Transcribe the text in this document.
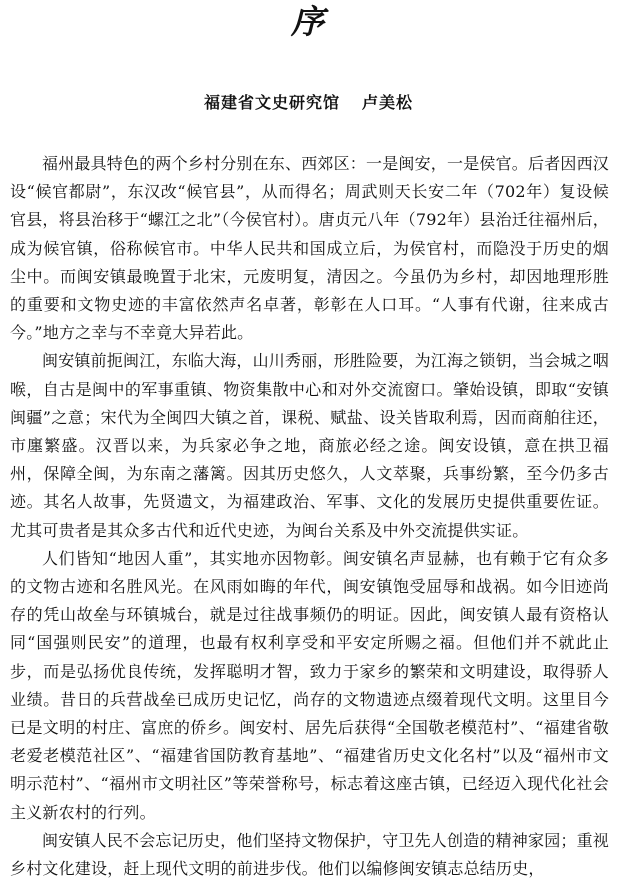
序
福建省文史研究馆 卢美松

福州最具特色的两个乡村分别在东、西郊区：一是闽安，一是侯官。后者因西汉设“候官都尉”，东汉改“候官县”，从而得名；周武则天长安二年（702年）复设候官县，将县治移于“螺江之北”（今侯官村）。唐贞元八年（792年）县治迁往福州后，成为候官镇，俗称候官市。中华人民共和国成立后，为侯官村，而隐没于历史的烟尘中。而闽安镇最晚置于北宋，元废明复，清因之。今虽仍为乡村，却因地理形胜的重要和文物史迹的丰富依然声名卓著，彰彰在人口耳。“人事有代谢，往来成古今。”地方之幸与不幸竟大异若此。

闽安镇前扼闽江，东临大海，山川秀丽，形胜险要，为江海之锁钥，当会城之咽喉，自古是闽中的军事重镇、物资集散中心和对外交流窗口。肇始设镇，即取“安镇闽疆”之意；宋代为全闽四大镇之首，课税、赋盐、设关皆取利焉，因而商舶往还，市廛繁盛。汉晋以来，为兵家必争之地，商旅必经之途。闽安设镇，意在拱卫福州，保障全闽，为东南之藩篱。因其历史悠久，人文萃聚，兵事纷繁，至今仍多古迹。其名人故事，先贤遗文，为福建政治、军事、文化的发展历史提供重要佐证。尤其可贵者是其众多古代和近代史迹，为闽台关系及中外交流提供实证。

人们皆知“地因人重”，其实地亦因物彰。闽安镇名声显赫，也有赖于它有众多的文物古迹和名胜风光。在风雨如晦的年代，闽安镇饱受屈辱和战祸。如今旧迹尚存的凭山故垒与环镇城台，就是过往战事频仍的明证。因此，闽安镇人最有资格认同“国强则民安”的道理，也最有权利享受和平安定所赐之福。但他们并不就此止步，而是弘扬优良传统，发挥聪明才智，致力于家乡的繁荣和文明建设，取得骄人业绩。昔日的兵营战垒已成历史记忆，尚存的文物遗迹点缀着现代文明。这里目今已是文明的村庄、富庶的侨乡。闽安村、居先后获得“全国敬老模范村”、“福建省敬老爱老模范社区”、“福建省国防教育基地”、“福建省历史文化名村”以及“福州市文明示范村”、“福州市文明社区”等荣誉称号，标志着这座古镇，已经迈入现代化社会主义新农村的行列。

闽安镇人民不会忘记历史，他们坚持文物保护，守卫先人创造的精神家园；重视乡村文化建设，赶上现代文明的前进步伐。他们以编修闽安镇志总结历史，
